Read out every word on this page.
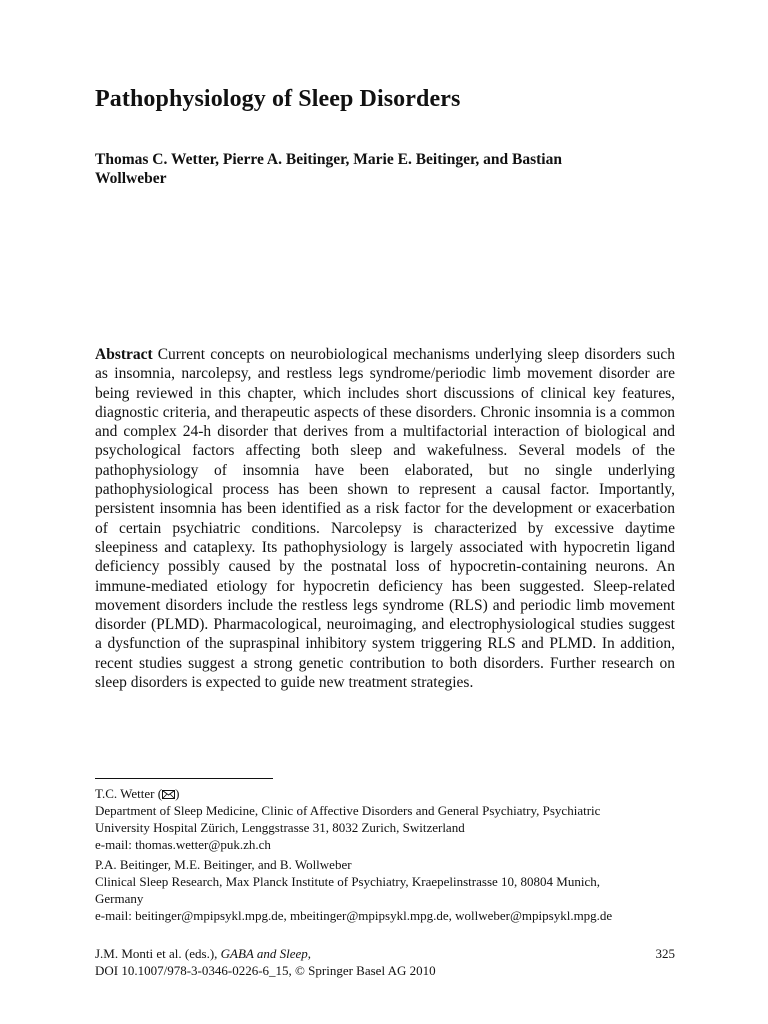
Pathophysiology of Sleep Disorders

Thomas C. Wetter, Pierre A. Beitinger, Marie E. Beitinger, and Bastian
Wollweber

Abstract Current concepts on neurobiological mechanisms underlying sleep disorders such as insomnia, narcolepsy, and restless legs syndrome/periodic limb movement disorder are being reviewed in this chapter, which includes short discussions of clinical key features, diagnostic criteria, and therapeutic aspects of these disorders. Chronic insomnia is a common and complex 24-h disorder that derives from a multifactorial interaction of biological and psychological factors affecting both sleep and wakefulness. Several models of the pathophysiology of insomnia have been elaborated, but no single underlying pathophysiological process has been shown to represent a causal factor. Importantly, persistent insomnia has been identified as a risk factor for the development or exacerbation of certain psychiatric conditions. Narcolepsy is characterized by excessive daytime sleepiness and cataplexy. Its pathophysiology is largely associated with hypocretin ligand deficiency possibly caused by the postnatal loss of hypocretin-containing neurons. An immune-mediated etiology for hypocretin deficiency has been suggested. Sleep-related movement disorders include the restless legs syndrome (RLS) and periodic limb movement disorder (PLMD). Pharmacological, neuroimaging, and electrophysiological studies suggest a dysfunction of the supraspinal inhibitory system triggering RLS and PLMD. In addition, recent studies suggest a strong genetic contribution to both disorders. Further research on sleep disorders is expected to guide new treatment strategies.

T.C. Wetter ( )
Department of Sleep Medicine, Clinic of Affective Disorders and General Psychiatry, Psychiatric
University Hospital Zürich, Lenggstrasse 31, 8032 Zurich, Switzerland
e-mail: thomas.wetter@puk.zh.ch
P.A. Beitinger, M.E. Beitinger, and B. Wollweber
Clinical Sleep Research, Max Planck Institute of Psychiatry, Kraepelinstrasse 10, 80804 Munich,
Germany
e-mail: beitinger@mpipsykl.mpg.de, mbeitinger@mpipsykl.mpg.de, wollweber@mpipsykl.mpg.de
J.M. Monti et al. (eds.), GABA and Sleep,	325
DOI 10.1007/978-3-0346-0226-6_15, © Springer Basel AG 2010
